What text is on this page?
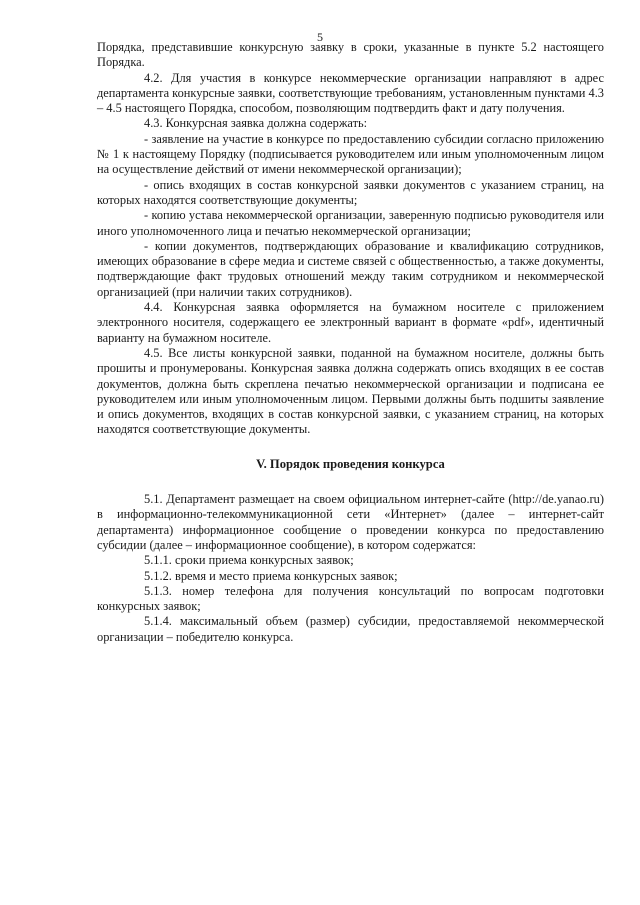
5

Порядка, представившие конкурсную заявку в сроки, указанные в пункте 5.2 настоящего Порядка.

4.2. Для участия в конкурсе некоммерческие организации направляют в адрес департамента конкурсные заявки, соответствующие требованиям, установленным пунктами 4.3 – 4.5 настоящего Порядка, способом, позволяющим подтвердить факт и дату получения.

4.3. Конкурсная заявка должна содержать:

- заявление на участие в конкурсе по предоставлению субсидии согласно приложению № 1 к настоящему Порядку (подписывается руководителем или иным уполномоченным лицом на осуществление действий от имени некоммерческой организации);

- опись входящих в состав конкурсной заявки документов с указанием страниц, на которых находятся соответствующие документы;

- копию устава некоммерческой организации, заверенную подписью руководителя или иного уполномоченного лица и печатью некоммерческой организации;

- копии документов, подтверждающих образование и квалификацию сотрудников, имеющих образование в сфере медиа и системе связей с общественностью, а также документы, подтверждающие факт трудовых отношений между таким сотрудником и некоммерческой организацией (при наличии таких сотрудников).

4.4. Конкурсная заявка оформляется на бумажном носителе с приложением электронного носителя, содержащего ее электронный вариант в формате «pdf», идентичный варианту на бумажном носителе.

4.5. Все листы конкурсной заявки, поданной на бумажном носителе, должны быть прошиты и пронумерованы. Конкурсная заявка должна содержать опись входящих в ее состав документов, должна быть скреплена печатью некоммерческой организации и подписана ее руководителем или иным уполномоченным лицом. Первыми должны быть подшиты заявление и опись документов, входящих в состав конкурсной заявки, с указанием страниц, на которых находятся соответствующие документы.

V. Порядок проведения конкурса

5.1. Департамент размещает на своем официальном интернет-сайте (http://de.yanao.ru) в информационно-телекоммуникационной сети «Интернет» (далее – интернет-сайт департамента) информационное сообщение о проведении конкурса по предоставлению субсидии (далее – информационное сообщение), в котором содержатся:

5.1.1. сроки приема конкурсных заявок;

5.1.2. время и место приема конкурсных заявок;

5.1.3. номер телефона для получения консультаций по вопросам подготовки конкурсных заявок;

5.1.4. максимальный объем (размер) субсидии, предоставляемой некоммерческой организации – победителю конкурса.
